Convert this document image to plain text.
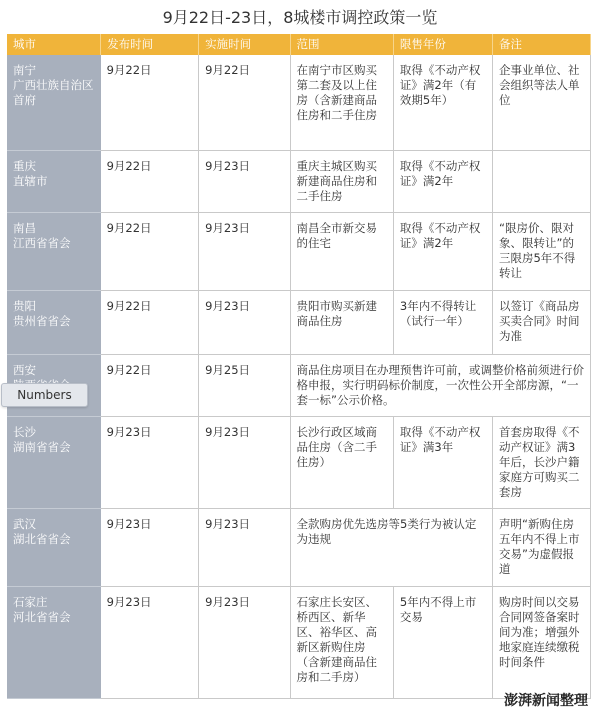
9月22日-23日，8城楼市调控政策一览
城市	发布时间	实施时间	范围	限售年份	备注

南宁
广西壮族自治区首府	9月22日	9月22日	在南宁市区购买第二套及以上住房（含新建商品住房和二手住房	取得《不动产权证》满2年（有效期5年）	企事业单位、社会组织等法人单位

重庆
直辖市	9月22日	9月23日	重庆主城区购买新建商品住房和二手住房	取得《不动产权证》满2年	

南昌
江西省省会	9月22日	9月23日	南昌全市新交易的住宅	取得《不动产权证》满2年	“限房价、限对象、限转让”的三限房5年不得转让

贵阳
贵州省省会	9月22日	9月23日	贵阳市购买新建商品住房	3年内不得转让（试行一年）	以签订《商品房买卖合同》时间为准

西安	9月22日	9月25日	商品住房项目在办理预售许可前，或调整价格前须进行价格申报，实行明码标价制度，一次性公开全部房源，“一套一标”公示价格。		

长沙
湖南省省会	9月23日	9月23日	长沙行政区域商品住房（含二手住房）	取得《不动产权证》满3年	首套房取得《不动产权证》满3年后，长沙户籍家庭方可购买二套房

武汉
湖北省省会	9月23日	9月23日	全款购房优先选房等5类行为被认定为违规		声明“新购住房五年内不得上市交易”为虚假报道

石家庄
河北省省会	9月23日	9月23日	石家庄长安区、桥西区、新华区、裕华区、高新区新购住房（含新建商品住房和二手房）	5年内不得上市交易	购房时间以交易合同网签备案时间为准；增强外地家庭连续缴税时间条件
Numbers
澎湃新闻整理
